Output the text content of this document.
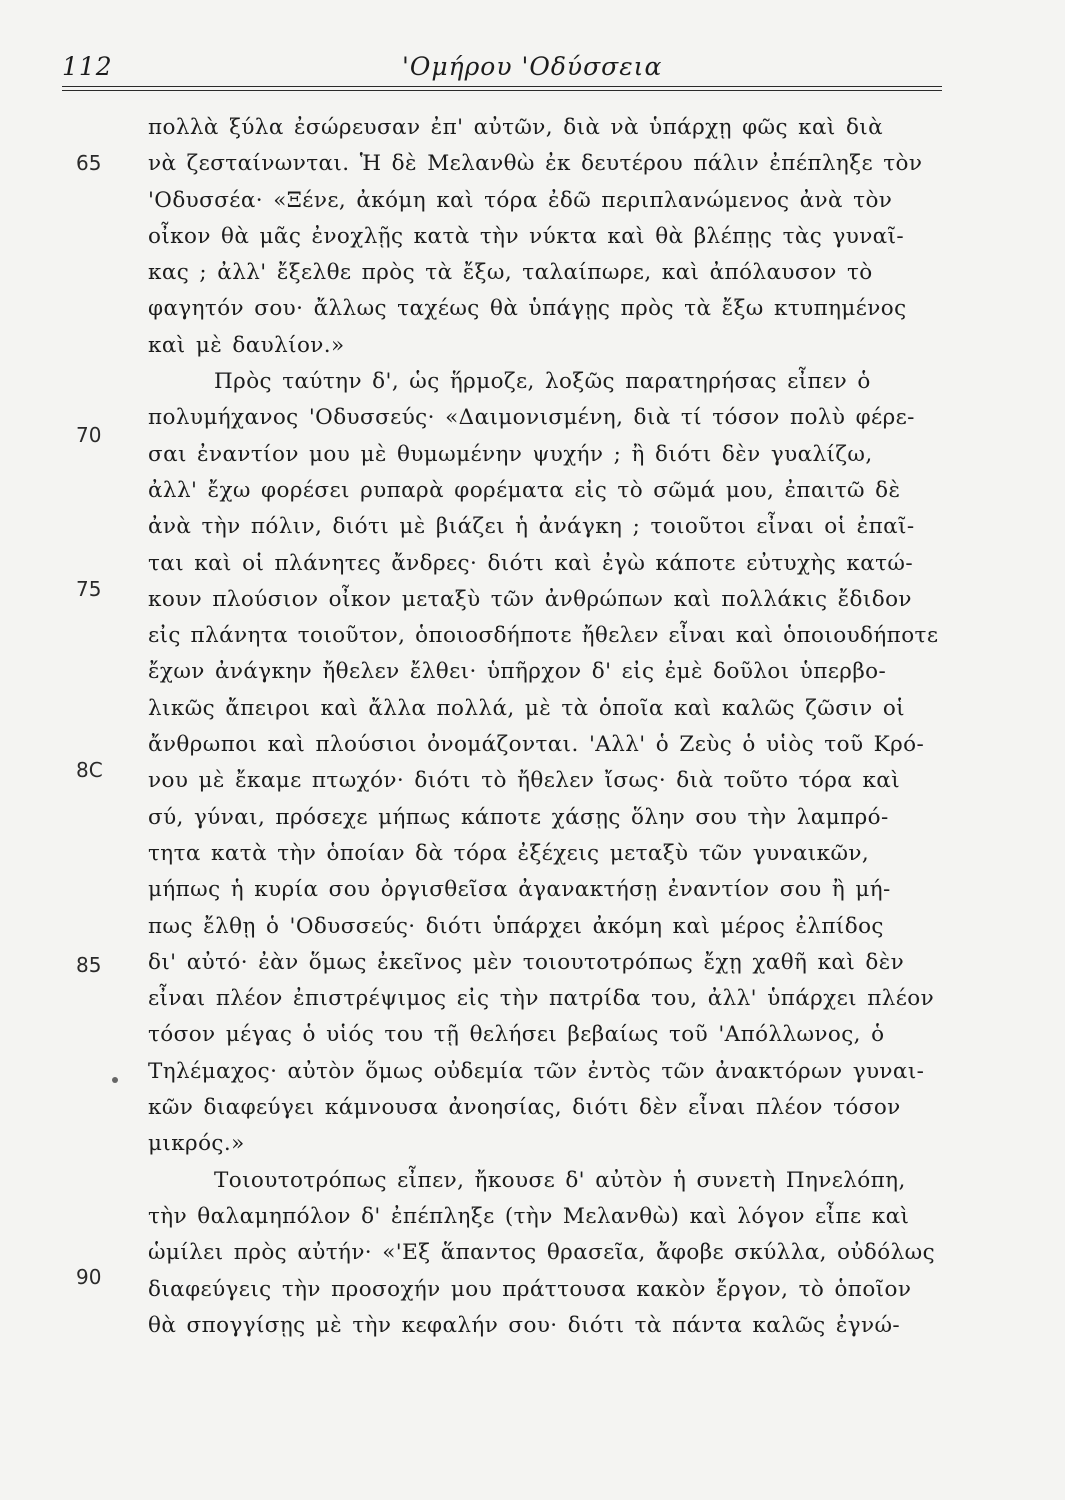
112	'Ομήρου 'Οδύσσεια
65
70
75
8C
85
90
πολλὰ ξύλα ἐσώρευσαν ἐπ' αὐτῶν, διὰ νὰ ὑπάρχῃ φῶς καὶ διὰ
νὰ ζεσταίνωνται. Ἡ δὲ Μελανθὼ ἐκ δευτέρου πάλιν ἐπέπληξε τὸν
'Οδυσσέα· «Ξένε, ἀκόμη καὶ τόρα ἐδῶ περιπλανώμενος ἀνὰ τὸν
οἶκον θὰ μᾶς ἐνοχλῇς κατὰ τὴν νύκτα καὶ θὰ βλέπῃς τὰς γυναῖ-
κας ; ἀλλ' ἔξελθε πρὸς τὰ ἔξω, ταλαίπωρε, καὶ ἀπόλαυσον τὸ
φαγητόν σου· ἄλλως ταχέως θὰ ὑπάγῃς πρὸς τὰ ἔξω κτυπημένος
καὶ μὲ δαυλίον.»
Πρὸς ταύτην δ', ὡς ἥρμοζε, λοξῶς παρατηρήσας εἶπεν ὁ
πολυμήχανος 'Οδυσσεύς· «Δαιμονισμένη, διὰ τί τόσον πολὺ φέρε-
σαι ἐναντίον μου μὲ θυμωμένην ψυχήν ; ἢ διότι δὲν γυαλίζω,
ἀλλ' ἔχω φορέσει ρυπαρὰ φορέματα εἰς τὸ σῶμά μου, ἐπαιτῶ δὲ
ἀνὰ τὴν πόλιν, διότι μὲ βιάζει ἡ ἀνάγκη ; τοιοῦτοι εἶναι οἱ ἐπαῖ-
ται καὶ οἱ πλάνητες ἄνδρες· διότι καὶ ἐγὼ κάποτε εὐτυχὴς κατώ-
κουν πλούσιον οἶκον μεταξὺ τῶν ἀνθρώπων καὶ πολλάκις ἔδιδον
εἰς πλάνητα τοιοῦτον, ὁποιοσδήποτε ἤθελεν εἶναι καὶ ὁποιουδήποτε
ἔχων ἀνάγκην ἤθελεν ἔλθει· ὑπῆρχον δ' εἰς ἐμὲ δοῦλοι ὑπερβο-
λικῶς ἄπειροι καὶ ἄλλα πολλά, μὲ τὰ ὁποῖα καὶ καλῶς ζῶσιν οἱ
ἄνθρωποι καὶ πλούσιοι ὀνομάζονται. 'Αλλ' ὁ Ζεὺς ὁ υἱὸς τοῦ Κρό-
νου μὲ ἔκαμε πτωχόν· διότι τὸ ἤθελεν ἴσως· διὰ τοῦτο τόρα καὶ
σύ, γύναι, πρόσεχε μήπως κάποτε χάσῃς ὅλην σου τὴν λαμπρό-
τητα κατὰ τὴν ὁποίαν δὰ τόρα ἐξέχεις μεταξὺ τῶν γυναικῶν,
μήπως ἡ κυρία σου ὀργισθεῖσα ἀγανακτήσῃ ἐναντίον σου ἢ μή-
πως ἔλθῃ ὁ 'Οδυσσεύς· διότι ὑπάρχει ἀκόμη καὶ μέρος ἐλπίδος
δι' αὐτό· ἐὰν ὅμως ἐκεῖνος μὲν τοιουτοτρόπως ἔχῃ χαθῆ καὶ δὲν
εἶναι πλέον ἐπιστρέψιμος εἰς τὴν πατρίδα του, ἀλλ' ὑπάρχει πλέον
τόσον μέγας ὁ υἱός του τῇ θελήσει βεβαίως τοῦ 'Απόλλωνος, ὁ
Τηλέμαχος· αὐτὸν ὅμως οὐδεμία τῶν ἐντὸς τῶν ἀνακτόρων γυναι-
κῶν διαφεύγει κάμνουσα ἀνοησίας, διότι δὲν εἶναι πλέον τόσον
μικρός.»
Τοιουτοτρόπως εἶπεν, ἤκουσε δ' αὐτὸν ἡ συνετὴ Πηνελόπη,
τὴν θαλαμηπόλον δ' ἐπέπληξε (τὴν Μελανθὼ) καὶ λόγον εἶπε καὶ
ὡμίλει πρὸς αὐτήν· «'Εξ ἅπαντος θρασεῖα, ἄφοβε σκύλλα, οὐδόλως
διαφεύγεις τὴν προσοχήν μου πράττουσα κακὸν ἔργον, τὸ ὁποῖον
θὰ σπογγίσῃς μὲ τὴν κεφαλήν σου· διότι τὰ πάντα καλῶς ἐγνώ-
